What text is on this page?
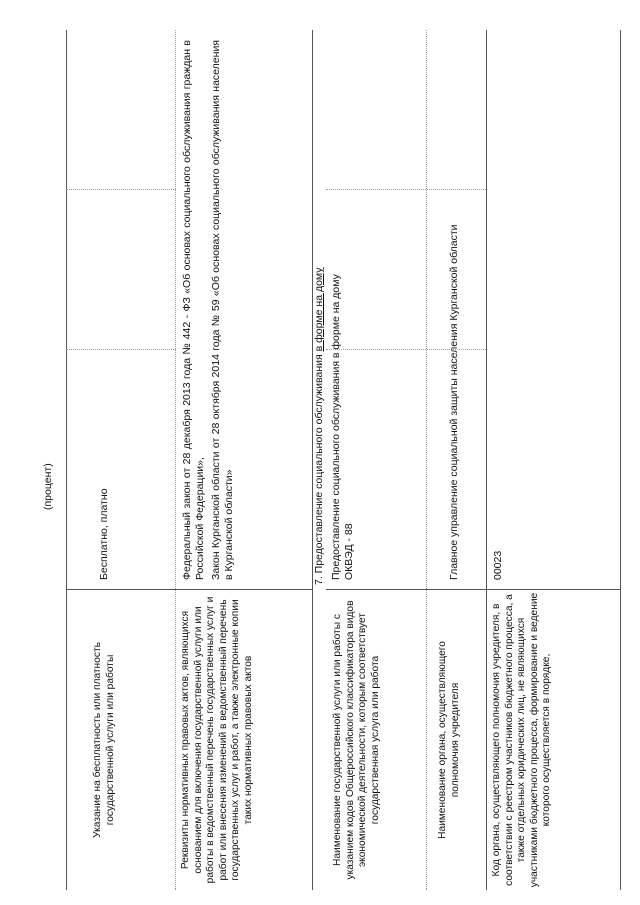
(процент)
Указание на бесплатность или платность государственной услуги или работы
Бесплатно, платно
Реквизиты нормативных правовых актов, являющихся основанием для включения государственной услуги или работы в ведомственный перечень государственных услуг и работ или внесения изменений в ведомственный перечень государственных услуг и работ, а также электронные копии таких нормативных правовых актов
Федеральный закон от 28 декабря 2013 года № 442 - ФЗ «Об основах социального обслуживания граждан в Российской Федерации», Закон Курганской области от 28 октября 2014 года № 59 «Об основах социального обслуживания населения в Курганской области»	7. Предоставление социального обслуживания в форме на дому
Наименование государственной услуги или работы с указанием кодов Общероссийского классификатора видов экономической деятельности, которым соответствует государственная услуга или работа
Предоставление социального обслуживания в форме на дому ОКВЭД - 88
Наименование органа, осуществляющего полномочия учредителя
Главное управление социальной защиты населения Курганской области
Код органа, осуществляющего полномочия учредителя, в соответствии с реестром участников бюджетного процесса, а также отдельных юридических лиц, не являющихся участниками бюджетного процесса, формирование и ведение которого осуществляется в порядке,
00023
